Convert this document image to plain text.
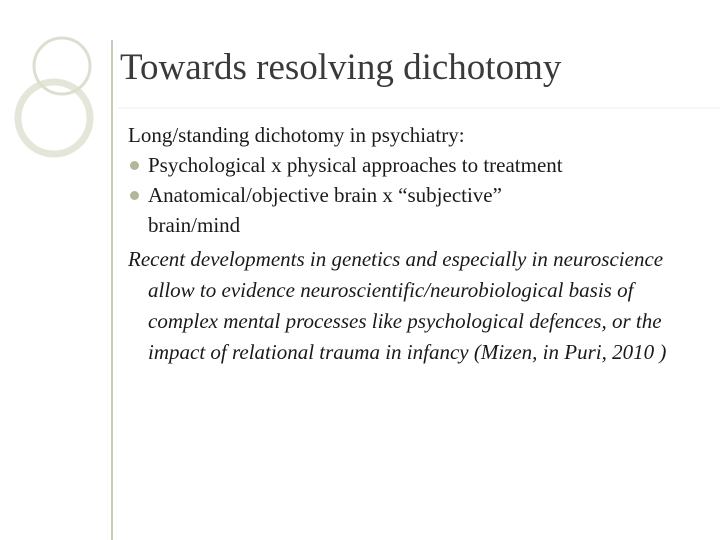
Towards resolving dichotomy

Long/standing dichotomy in psychiatry:

Psychological x physical approaches to treatment
Anatomical/objective brain x “subjective” brain/mind

Recent developments in genetics and especially in neuroscience allow to evidence neuroscientific/neurobiological basis of complex mental processes like psychological defences, or the impact of relational trauma in infancy (Mizen, in Puri, 2010 )
